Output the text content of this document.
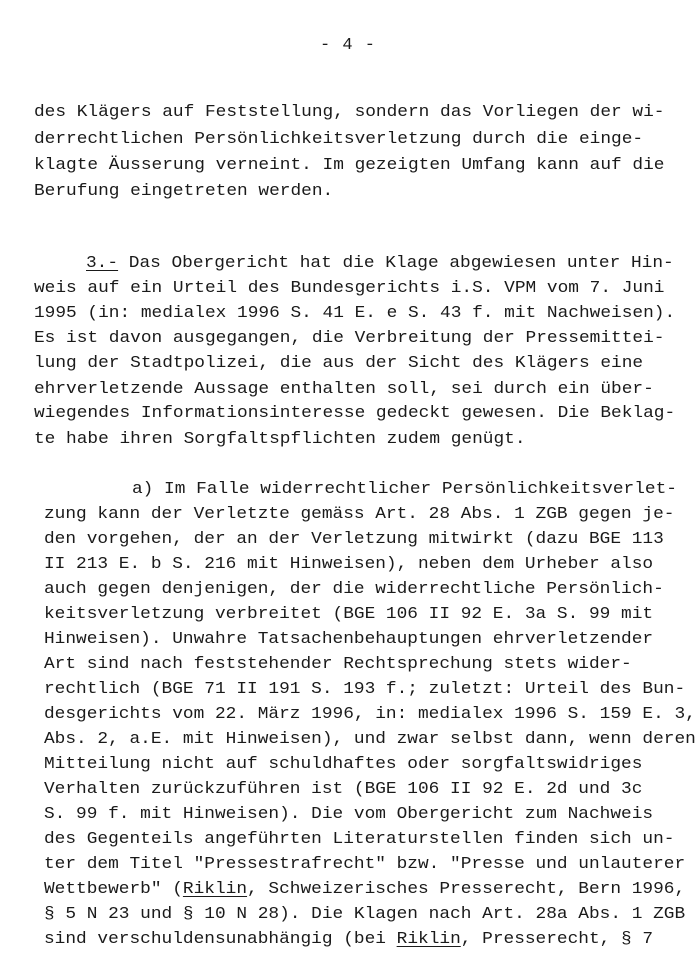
- 4 -
des Klägers auf Feststellung, sondern das Vorliegen der wi-
derrechtlichen Persönlichkeitsverletzung durch die einge-
klagte Äusserung verneint. Im gezeigten Umfang kann auf die
Berufung eingetreten werden.
3.- Das Obergericht hat die Klage abgewiesen unter Hin-
weis auf ein Urteil des Bundesgerichts i.S. VPM vom 7. Juni
1995 (in: medialex 1996 S. 41 E. e S. 43 f. mit Nachweisen).
Es ist davon ausgegangen, die Verbreitung der Pressemittei-
lung der Stadtpolizei, die aus der Sicht des Klägers eine
ehrverletzende Aussage enthalten soll, sei durch ein über-
wiegendes Informationsinteresse gedeckt gewesen. Die Beklag-
te habe ihren Sorgfaltspflichten zudem genügt.
a) Im Falle widerrechtlicher Persönlichkeitsverlet-
zung kann der Verletzte gemäss Art. 28 Abs. 1 ZGB gegen je-
den vorgehen, der an der Verletzung mitwirkt (dazu BGE 113
II 213 E. b S. 216 mit Hinweisen), neben dem Urheber also
auch gegen denjenigen, der die widerrechtliche Persönlich-
keitsverletzung verbreitet (BGE 106 II 92 E. 3a S. 99 mit
Hinweisen). Unwahre Tatsachenbehauptungen ehrverletzender
Art sind nach feststehender Rechtsprechung stets wider-
rechtlich (BGE 71 II 191 S. 193 f.; zuletzt: Urteil des Bun-
desgerichts vom 22. März 1996, in: medialex 1996 S. 159 E. 3,
Abs. 2, a.E. mit Hinweisen), und zwar selbst dann, wenn deren
Mitteilung nicht auf schuldhaftes oder sorgfaltswidriges
Verhalten zurückzuführen ist (BGE 106 II 92 E. 2d und 3c
S. 99 f. mit Hinweisen). Die vom Obergericht zum Nachweis
des Gegenteils angeführten Literaturstellen finden sich un-
ter dem Titel "Pressestrafrecht" bzw. "Presse und unlauterer
Wettbewerb" (Riklin, Schweizerisches Presserecht, Bern 1996,
§ 5 N 23 und § 10 N 28). Die Klagen nach Art. 28a Abs. 1 ZGB
sind verschuldensunabhängig (bei Riklin, Presserecht, § 7
